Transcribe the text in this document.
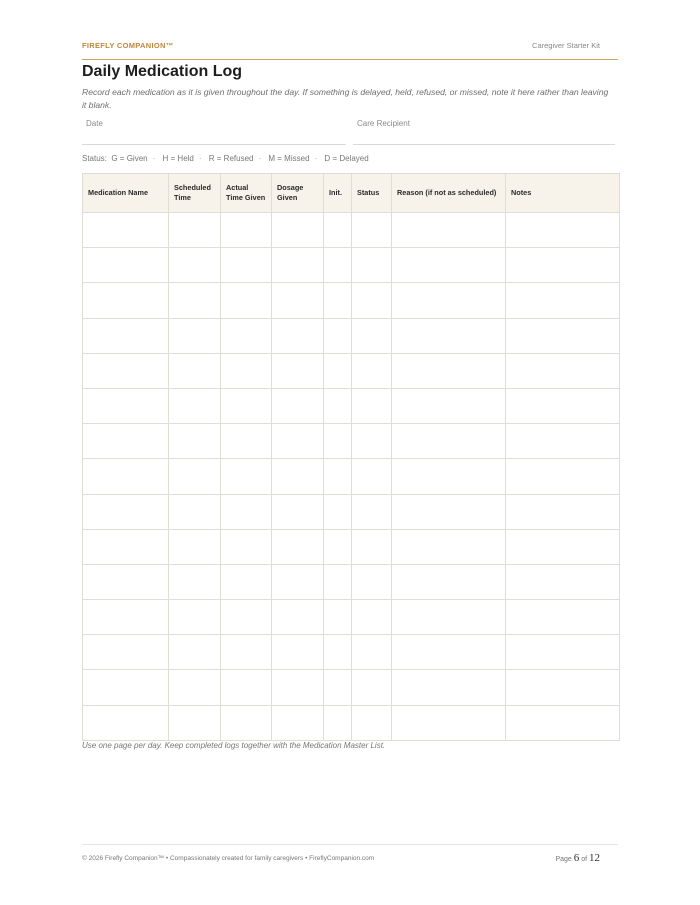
FIREFLY COMPANION™	Caregiver Starter Kit
Daily Medication Log
Record each medication as it is given throughout the day. If something is delayed, held, refused, or missed, note it here rather than leaving it blank.
Date	Care Recipient
Status: G = Given · H = Held · R = Refused · M = Missed · D = Delayed
Medication Name	Scheduled Time	Actual Time Given	Dosage Given	Init.	Status	Reason (if not as scheduled)	Notes

Use one page per day. Keep completed logs together with the Medication Master List.
© 2026 Firefly Companion™ • Compassionately created for family caregivers • FireflyCompanion.com	Page 6 of 12
